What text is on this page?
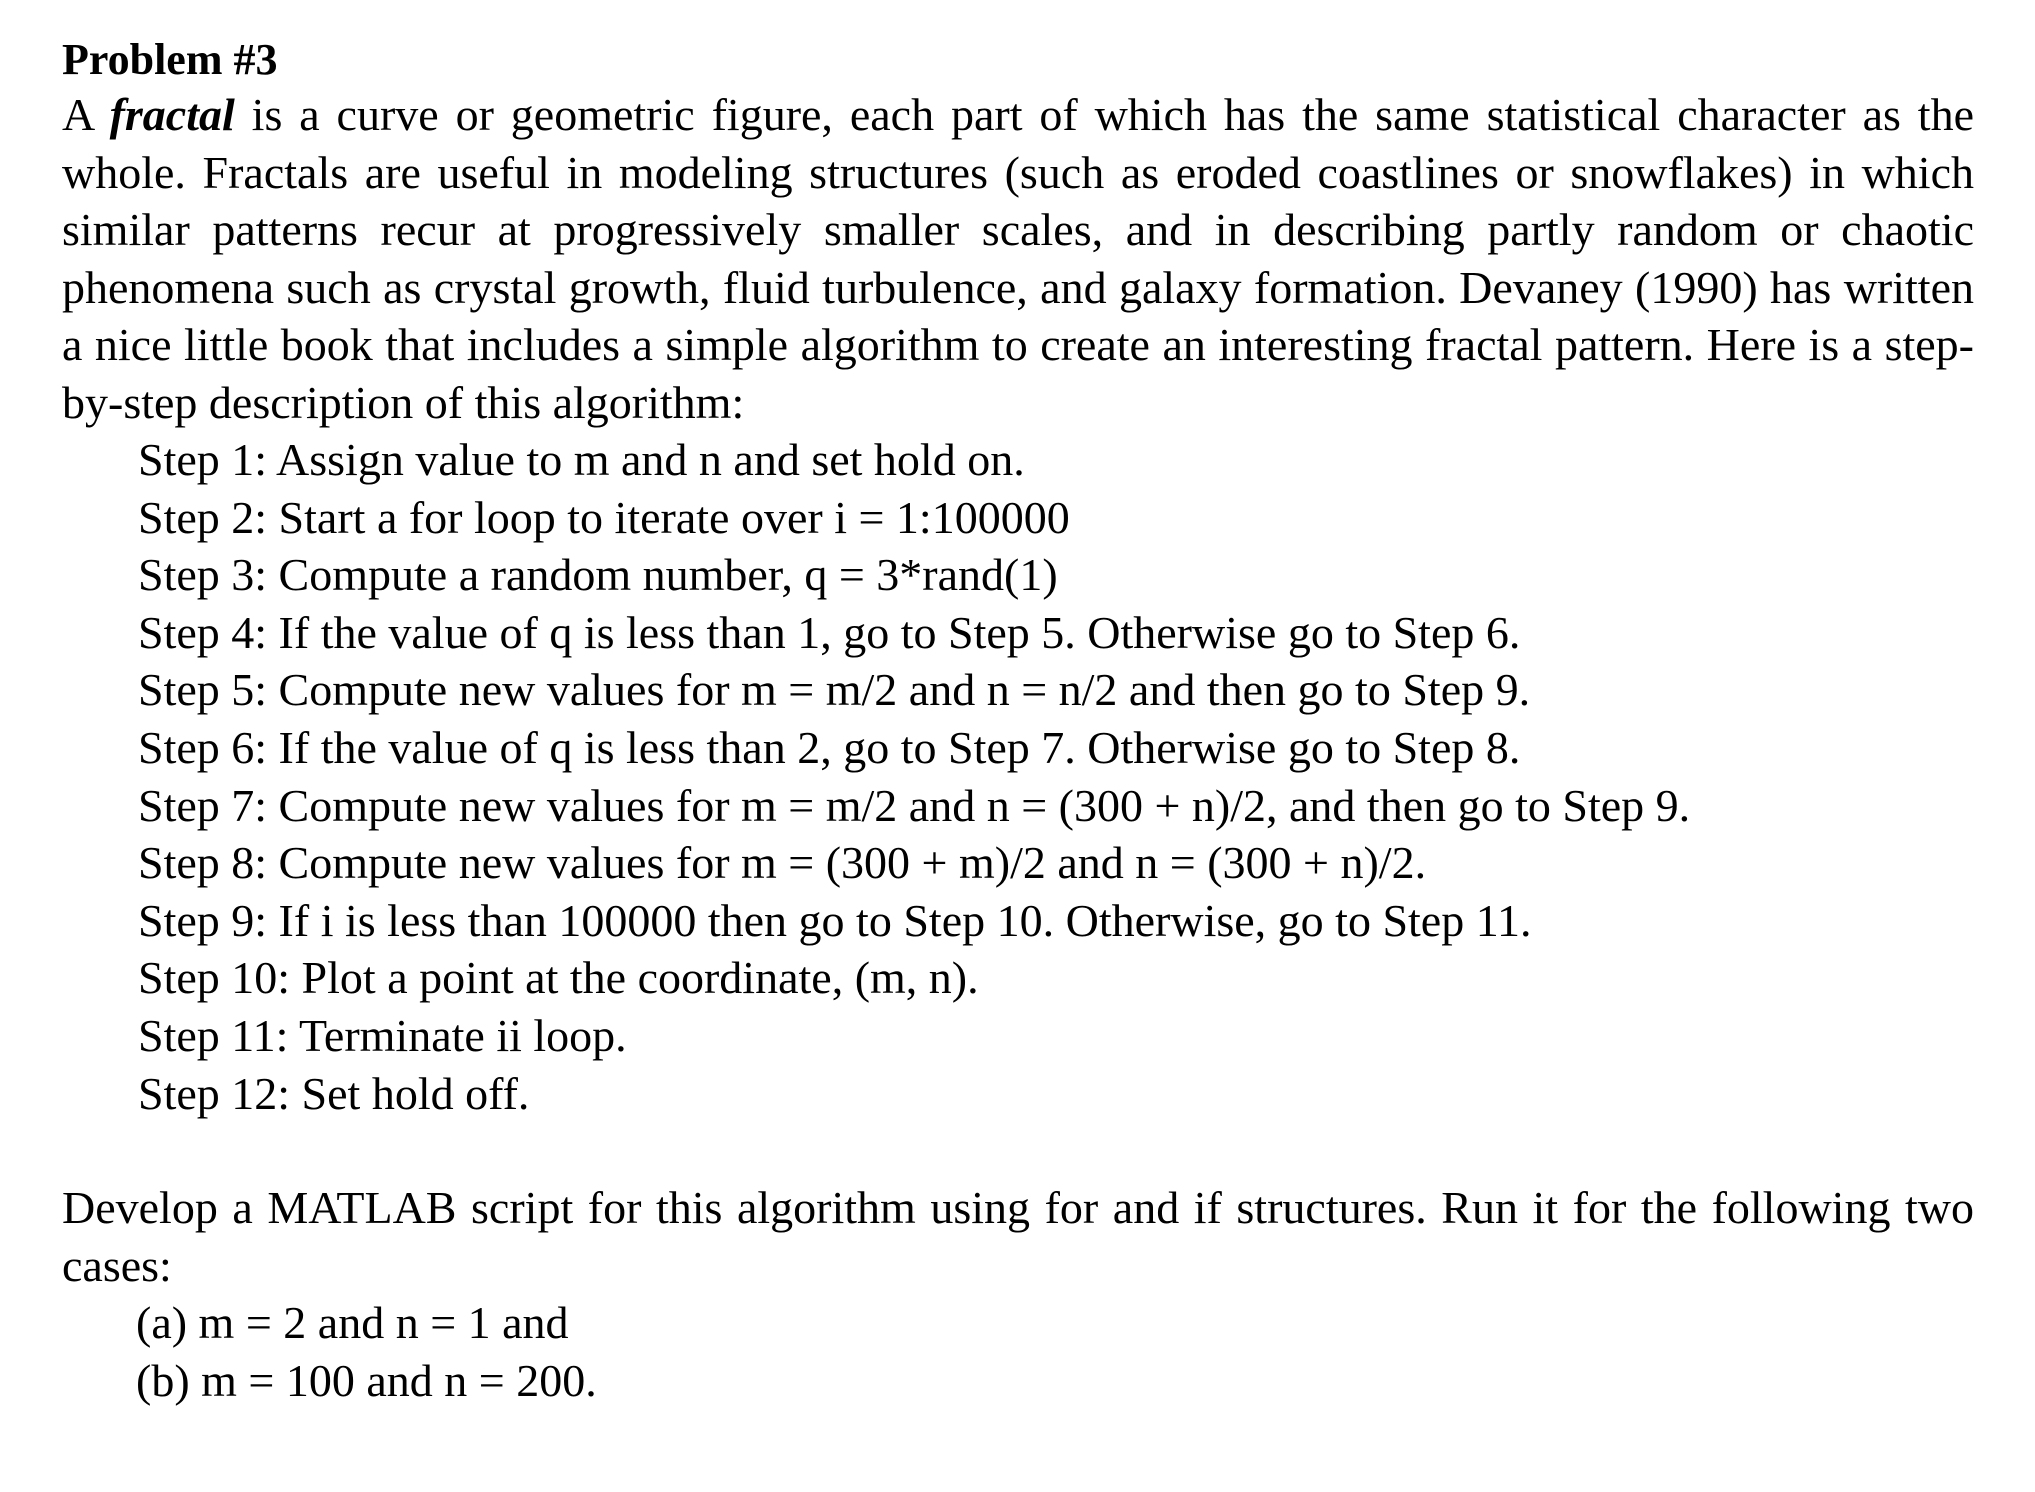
Problem #3

A fractal is a curve or geometric figure, each part of which has the same statistical character as the whole. Fractals are useful in modeling structures (such as eroded coastlines or snowflakes) in which similar patterns recur at progressively smaller scales, and in describing partly random or chaotic phenomena such as crystal growth, fluid turbulence, and galaxy formation. Devaney (1990) has written a nice little book that includes a simple algorithm to create an interesting fractal pattern. Here is a step-by-step description of this algorithm:

Step 1: Assign value to m and n and set hold on.
Step 2: Start a for loop to iterate over i = 1:100000
Step 3: Compute a random number, q = 3*rand(1)
Step 4: If the value of q is less than 1, go to Step 5. Otherwise go to Step 6.
Step 5: Compute new values for m = m/2 and n = n/2 and then go to Step 9.
Step 6: If the value of q is less than 2, go to Step 7. Otherwise go to Step 8.
Step 7: Compute new values for m = m/2 and n = (300 + n)/2, and then go to Step 9.
Step 8: Compute new values for m = (300 + m)/2 and n = (300 + n)/2.
Step 9: If i is less than 100000 then go to Step 10. Otherwise, go to Step 11.
Step 10: Plot a point at the coordinate, (m, n).
Step 11: Terminate ii loop.
Step 12: Set hold off.

Develop a MATLAB script for this algorithm using for and if structures. Run it for the following two cases:

(a) m = 2 and n = 1 and
(b) m = 100 and n = 200.
